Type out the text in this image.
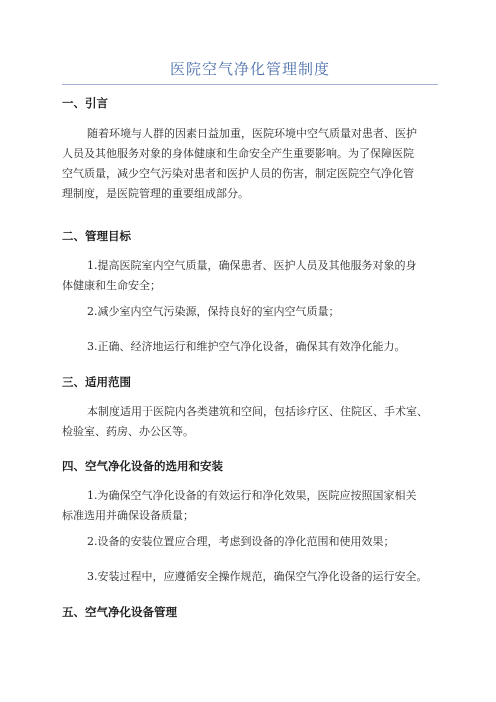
医院空气净化管理制度
一、引言
随着环境与人群的因素日益加重，医院环境中空气质量对患者、医护
人员及其他服务对象的身体健康和生命安全产生重要影响。为了保障医院
空气质量，减少空气污染对患者和医护人员的伤害，制定医院空气净化管
理制度，是医院管理的重要组成部分。
二、管理目标
1.提高医院室内空气质量，确保患者、医护人员及其他服务对象的身
体健康和生命安全；
2.减少室内空气污染源，保持良好的室内空气质量；
3.正确、经济地运行和维护空气净化设备，确保其有效净化能力。
三、适用范围
本制度适用于医院内各类建筑和空间，包括诊疗区、住院区、手术室、
检验室、药房、办公区等。
四、空气净化设备的选用和安装
1.为确保空气净化设备的有效运行和净化效果，医院应按照国家相关
标准选用并确保设备质量；
2.设备的安装位置应合理，考虑到设备的净化范围和使用效果；
3.安装过程中，应遵循安全操作规范，确保空气净化设备的运行安全。
五、空气净化设备管理
